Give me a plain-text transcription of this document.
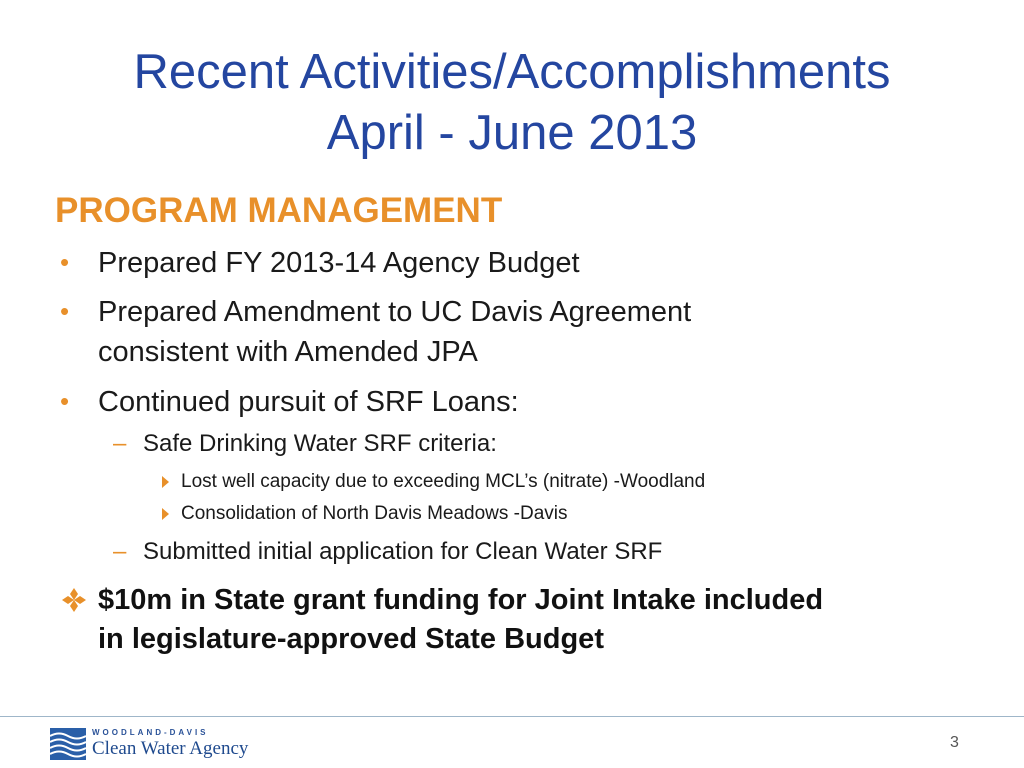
Recent Activities/Accomplishments
April - June 2013
PROGRAM MANAGEMENT
• Prepared FY 2013-14 Agency Budget
• Prepared Amendment to UC Davis Agreement
consistent with Amended JPA
• Continued pursuit of SRF Loans:
– Safe Drinking Water SRF criteria:
Lost well capacity due to exceeding MCL’s (nitrate) -Woodland
Consolidation of North Davis Meadows -Davis
– Submitted initial application for Clean Water SRF
$10m in State grant funding for Joint Intake included
in legislature-approved State Budget
WOODLAND-DAVIS
Clean Water Agency	3
